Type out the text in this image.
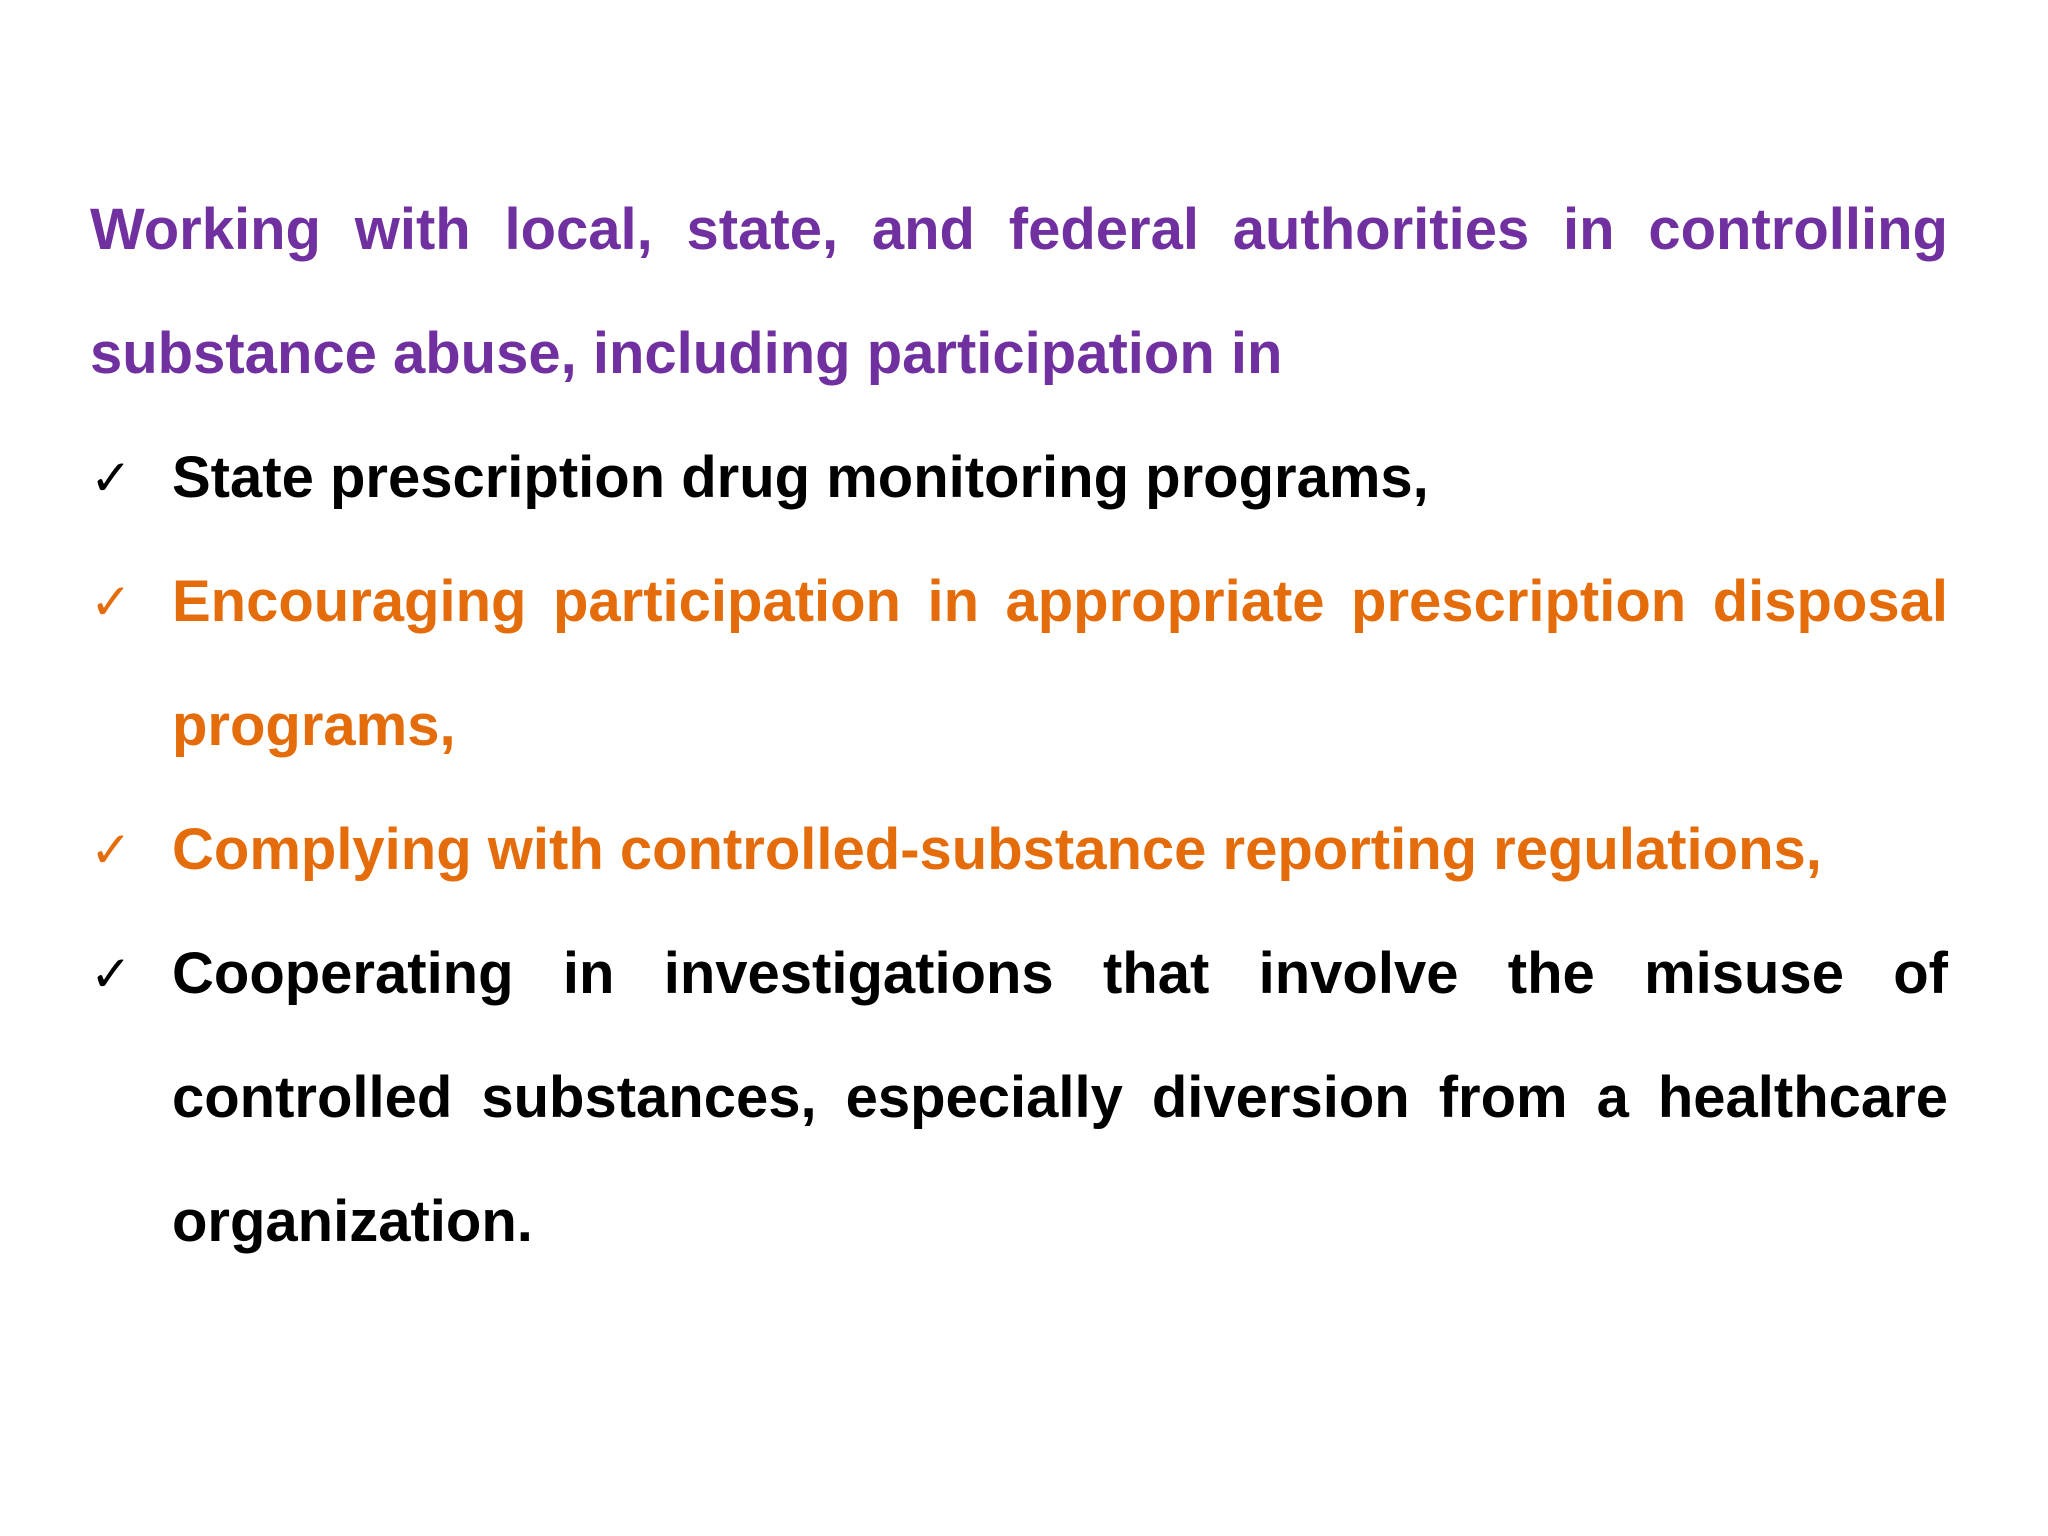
Working with local, state, and federal authorities in controlling substance abuse, including participation in

✓ State prescription drug monitoring programs,
✓ Encouraging participation in appropriate prescription disposal programs,
✓ Complying with controlled-substance reporting regulations,
✓ Cooperating in investigations that involve the misuse of controlled substances, especially diversion from a healthcare organization.
